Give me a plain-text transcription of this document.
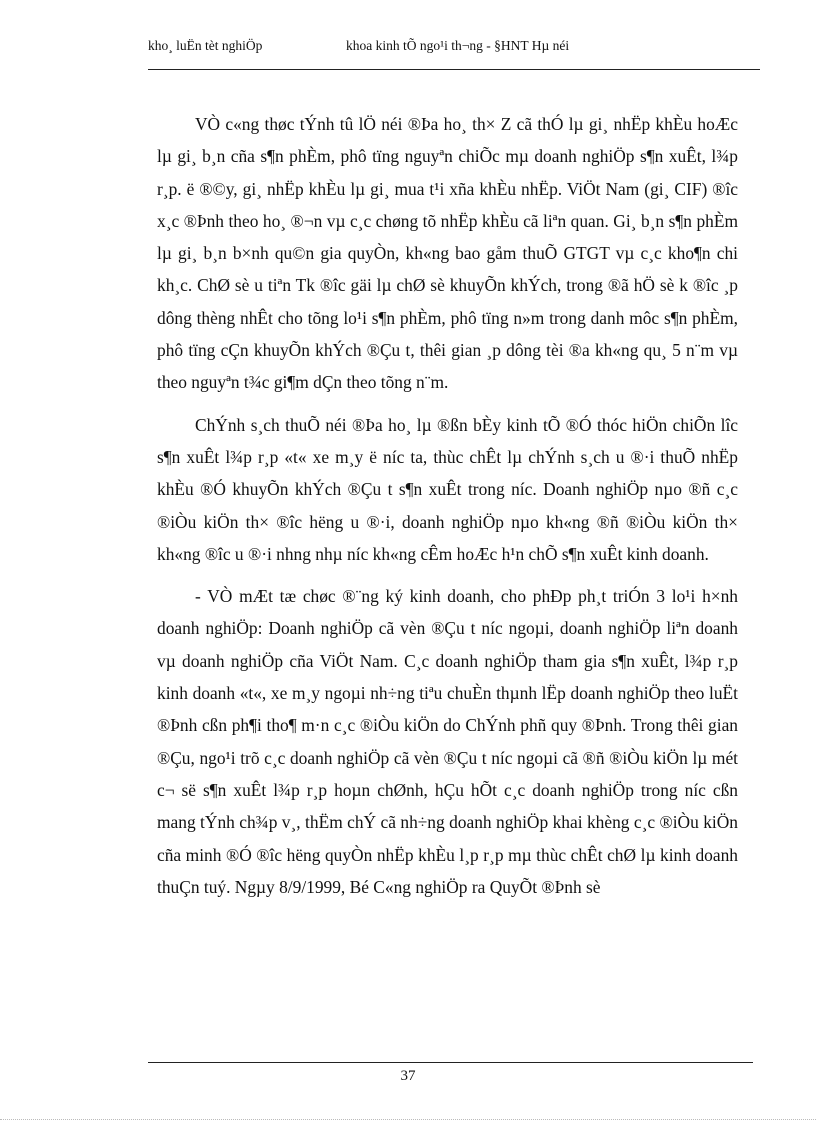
kho¸ luËn tèt nghiÖp	khoa kinh tÕ ngo¹i th¬ng - §HNT Hµ néi

VÒ c«ng thøc tÝnh tû lÖ néi ®Þa ho¸ th× Z cã thÓ lµ gi¸ nhËp khÈu hoÆc lµ gi¸ b¸n cña s¶n phÈm, phô tïng nguyªn chiÕc mµ doanh nghiÖp s¶n xuÊt, l¾p r¸p. ë ®©y, gi¸ nhËp khÈu lµ gi¸ mua t¹i xña khÈu nhËp. ViÖt Nam (gi¸ CIF) ®îc x¸c ®Þnh theo ho¸ ®¬n vµ c¸c chøng tõ nhËp khÈu cã liªn quan. Gi¸ b¸n s¶n phÈm lµ gi¸ b¸n b×nh qu©n gia quyÒn, kh«ng bao gåm thuÕ GTGT vµ c¸c kho¶n chi kh¸c. ChØ sè u tiªn Tk ®îc gäi lµ chØ sè khuyÕn khÝch, trong ®ã hÖ sè k ®îc ¸p dông thèng nhÊt cho tõng lo¹i s¶n phÈm, phô tïng n»m trong danh môc s¶n phÈm, phô tïng cÇn khuyÕn khÝch ®Çu t, thêi gian ¸p dông tèi ®a kh«ng qu¸ 5 n¨m vµ theo nguyªn t¾c gi¶m dÇn theo tõng n¨m.

ChÝnh s¸ch thuÕ néi ®Þa ho¸ lµ ®ßn bÈy kinh tÕ ®Ó thóc hiÖn chiÕn lîc s¶n xuÊt l¾p r¸p «t« xe m¸y ë níc ta, thùc chÊt lµ chÝnh s¸ch u ®·i thuÕ nhËp khÈu ®Ó khuyÕn khÝch ®Çu t s¶n xuÊt trong níc. Doanh nghiÖp nµo ®ñ c¸c ®iÒu kiÖn th× ®îc hëng u ®·i, doanh nghiÖp nµo kh«ng ®ñ ®iÒu kiÖn th× kh«ng ®îc u ®·i nhng nhµ níc kh«ng cÊm hoÆc h¹n chÕ s¶n xuÊt kinh doanh.

- VÒ mÆt tæ chøc ®¨ng ký kinh doanh, cho phÐp ph¸t triÓn 3 lo¹i h×nh doanh nghiÖp: Doanh nghiÖp cã vèn ®Çu t níc ngoµi, doanh nghiÖp liªn doanh vµ doanh nghiÖp cña ViÖt Nam. C¸c doanh nghiÖp tham gia s¶n xuÊt, l¾p r¸p kinh doanh «t«, xe m¸y ngoµi nh÷ng tiªu chuÈn thµnh lËp doanh nghiÖp theo luËt ®Þnh cßn ph¶i tho¶ m·n c¸c ®iÒu kiÖn do ChÝnh phñ quy ®Þnh. Trong thêi gian ®Çu, ngo¹i trõ c¸c doanh nghiÖp cã vèn ®Çu t níc ngoµi cã ®ñ ®iÒu kiÖn lµ mét c¬ së s¶n xuÊt l¾p r¸p hoµn chØnh, hÇu hÕt c¸c doanh nghiÖp trong níc cßn mang tÝnh ch¾p v¸, thËm chÝ cã nh÷ng doanh nghiÖp khai khèng c¸c ®iÒu kiÖn cña minh ®Ó ®îc hëng quyÒn nhËp khÈu l¸p r¸p mµ thùc chÊt chØ lµ kinh doanh thuÇn tuý. Ngµy 8/9/1999, Bé C«ng nghiÖp ra QuyÕt ®Þnh sè

37
